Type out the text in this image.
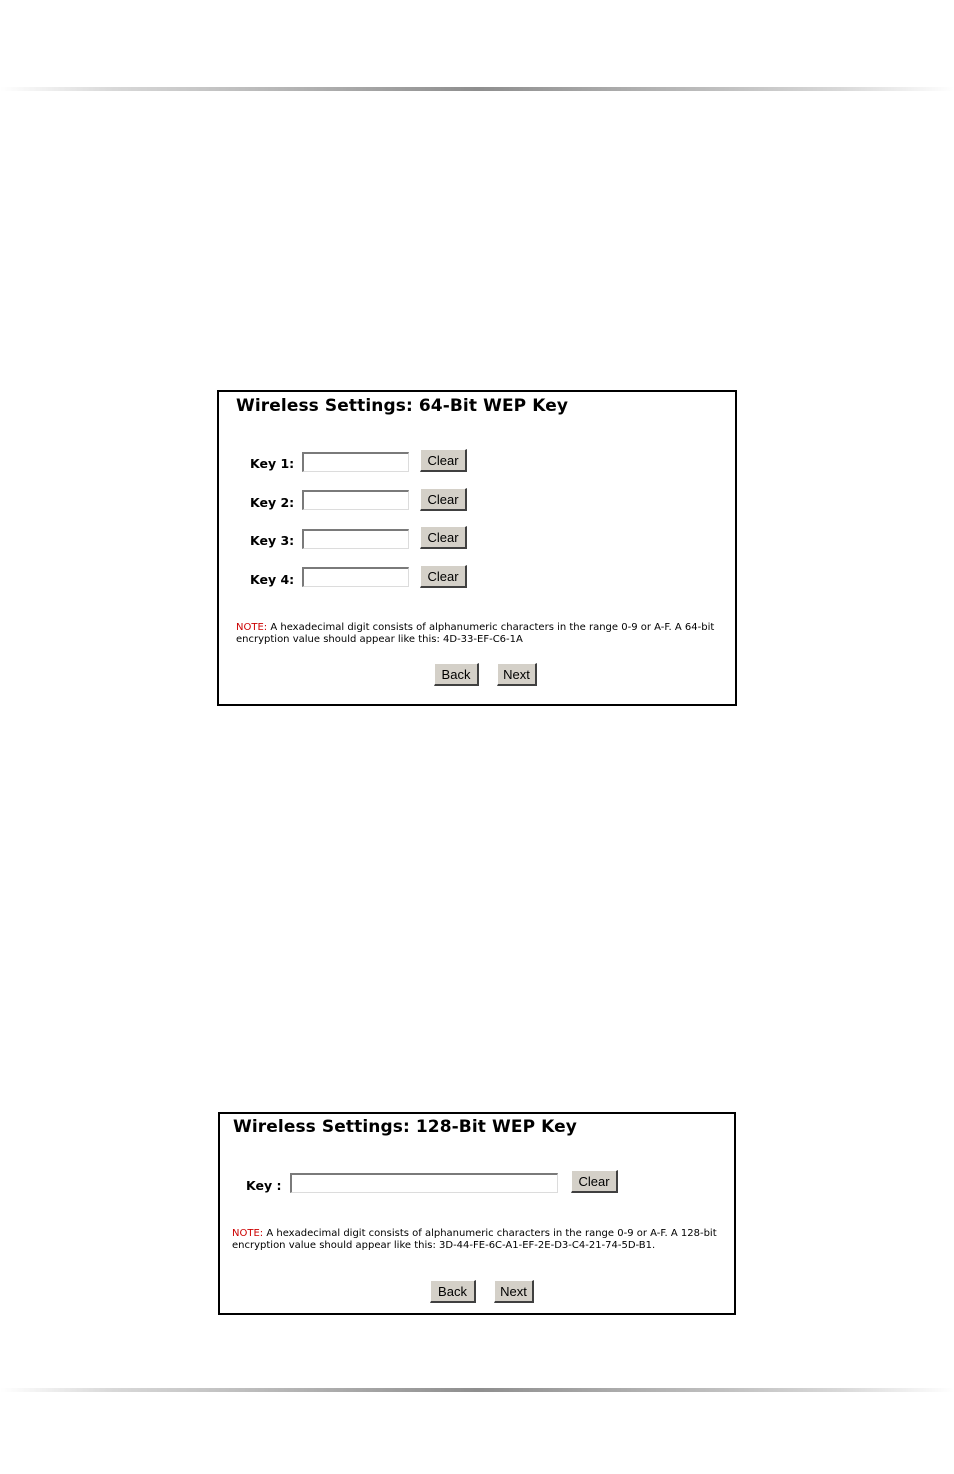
Wireless Settings: 64-Bit WEP Key
Key 1:	Clear
Key 2:	Clear
Key 3:	Clear
Key 4:	Clear
NOTE: A hexadecimal digit consists of alphanumeric characters in the range 0-9 or A-F. A 64-bit encryption value should appear like this: 4D-33-EF-C6-1A
Back	Next
Wireless Settings: 128-Bit WEP Key
Key :	Clear
NOTE: A hexadecimal digit consists of alphanumeric characters in the range 0-9 or A-F. A 128-bit encryption value should appear like this: 3D-44-FE-6C-A1-EF-2E-D3-C4-21-74-5D-B1.
Back	Next
